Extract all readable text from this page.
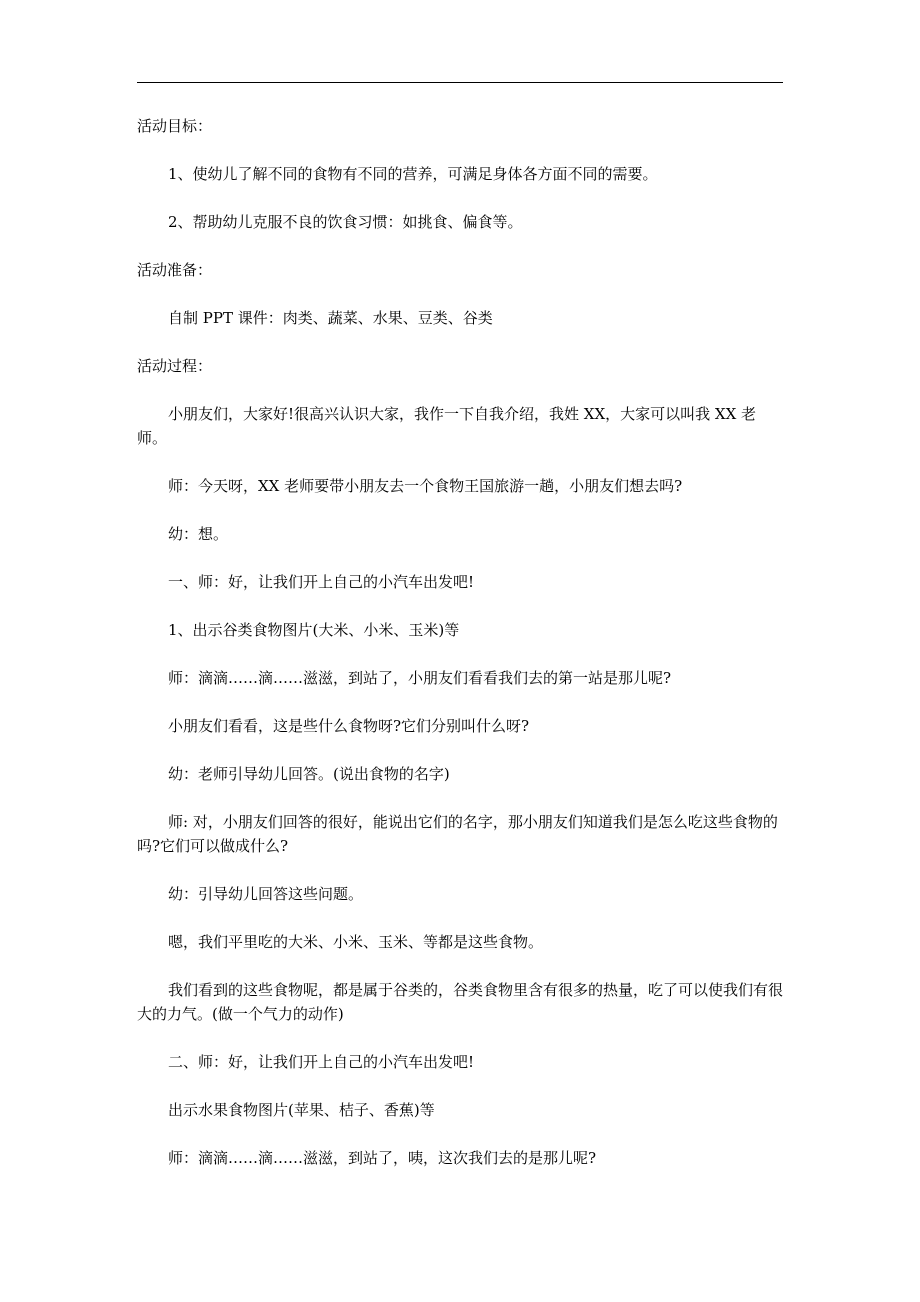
活动目标：

1、使幼儿了解不同的食物有不同的营养，可满足身体各方面不同的需要。

2、帮助幼儿克服不良的饮食习惯：如挑食、偏食等。

活动准备：

自制 PPT 课件：肉类、蔬菜、水果、豆类、谷类

活动过程：

小朋友们，大家好!很高兴认识大家，我作一下自我介绍，我姓 XX，大家可以叫我 XX 老师。

师：今天呀，XX 老师要带小朋友去一个食物王国旅游一趟，小朋友们想去吗?

幼：想。

一、师：好，让我们开上自己的小汽车出发吧!

1、出示谷类食物图片(大米、小米、玉米)等

师：滴滴……滴……滋滋，到站了，小朋友们看看我们去的第一站是那儿呢?

小朋友们看看，这是些什么食物呀?它们分别叫什么呀?

幼：老师引导幼儿回答。(说出食物的名字)

师: 对，小朋友们回答的很好，能说出它们的名字，那小朋友们知道我们是怎么吃这些食物的吗?它们可以做成什么?

幼：引导幼儿回答这些问题。

嗯，我们平里吃的大米、小米、玉米、等都是这些食物。

我们看到的这些食物呢，都是属于谷类的，谷类食物里含有很多的热量，吃了可以使我们有很大的力气。(做一个气力的动作)

二、师：好，让我们开上自己的小汽车出发吧!

出示水果食物图片(苹果、桔子、香蕉)等

师：滴滴……滴……滋滋，到站了，咦，这次我们去的是那儿呢?
